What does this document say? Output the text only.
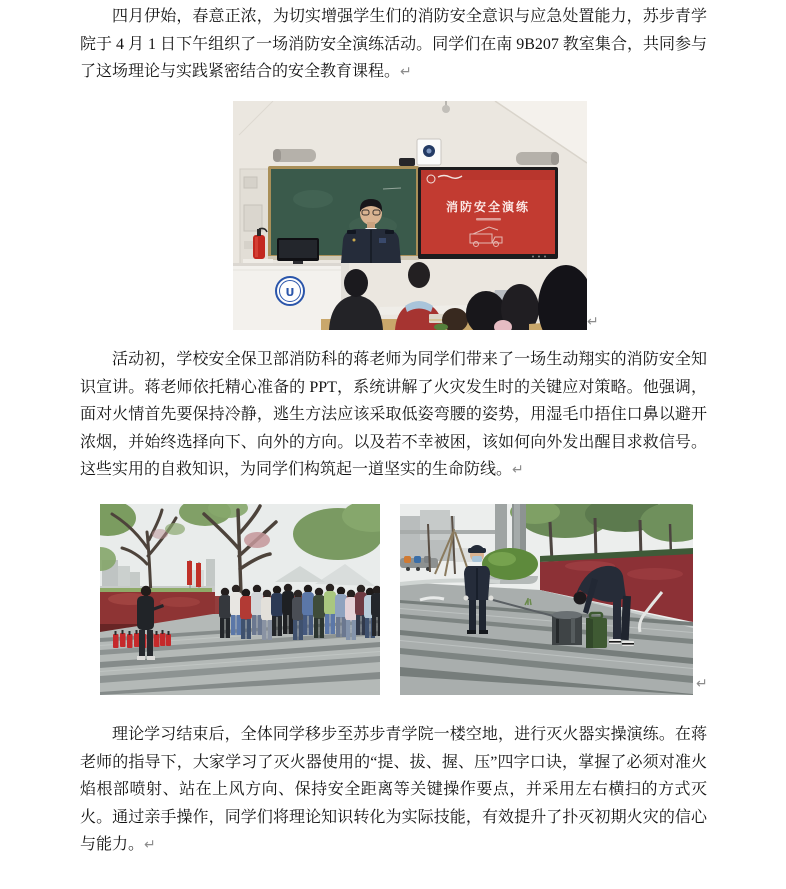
四月伊始，春意正浓，为切实增强学生们的消防安全意识与应急处置能力，苏步青学院于 4 月 1 日下午组织了一场消防安全演练活动。同学们在南 9B207 教室集合，共同参与了这场理论与实践紧密结合的安全教育课程。↵

消防安全演练
U
↵

活动初，学校安全保卫部消防科的蒋老师为同学们带来了一场生动翔实的消防安全知识宣讲。蒋老师依托精心准备的 PPT，系统讲解了火灾发生时的关键应对策略。他强调，面对火情首先要保持冷静，逃生方法应该采取低姿弯腰的姿势，用湿毛巾捂住口鼻以避开浓烟，并始终选择向下、向外的方向。以及若不幸被困，该如何向外发出醒目求救信号。这些实用的自救知识，为同学们构筑起一道坚实的生命防线。↵

↵

理论学习结束后，全体同学移步至苏步青学院一楼空地，进行灭火器实操演练。在蒋老师的指导下，大家学习了灭火器使用的“提、拔、握、压”四字口诀，掌握了必须对准火焰根部喷射、站在上风方向、保持安全距离等关键操作要点，并采用左右横扫的方式灭火。通过亲手操作，同学们将理论知识转化为实际技能，有效提升了扑灭初期火灾的信心与能力。↵
